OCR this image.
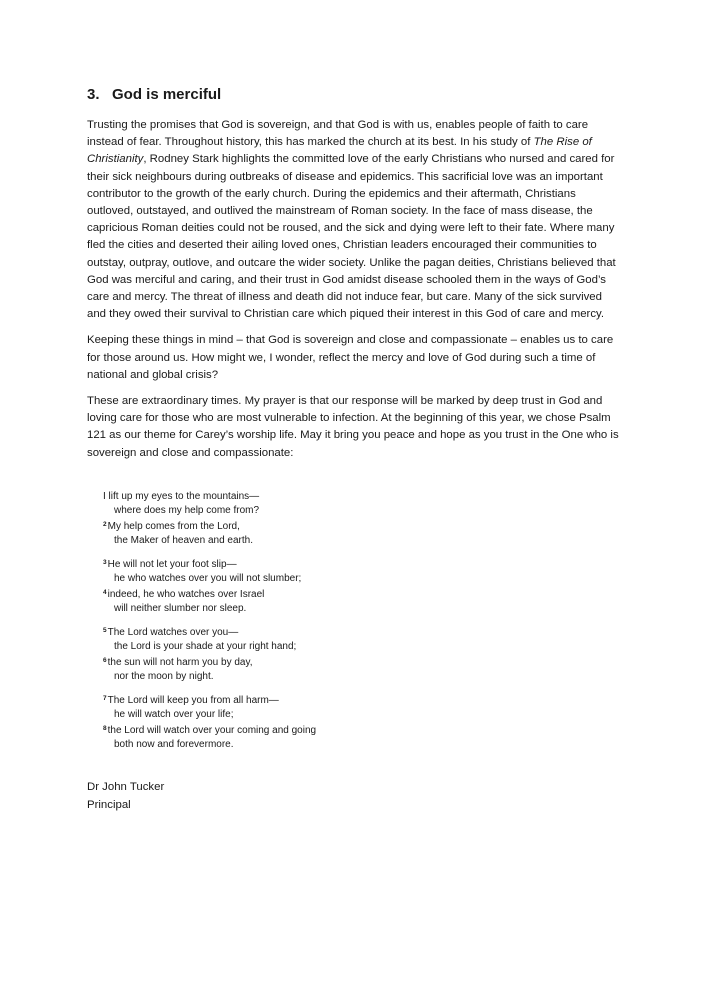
3. God is merciful

Trusting the promises that God is sovereign, and that God is with us, enables people of faith to care instead of fear. Throughout history, this has marked the church at its best. In his study of The Rise of Christianity, Rodney Stark highlights the committed love of the early Christians who nursed and cared for their sick neighbours during outbreaks of disease and epidemics. This sacrificial love was an important contributor to the growth of the early church. During the epidemics and their aftermath, Christians outloved, outstayed, and outlived the mainstream of Roman society. In the face of mass disease, the capricious Roman deities could not be roused, and the sick and dying were left to their fate. Where many fled the cities and deserted their ailing loved ones, Christian leaders encouraged their communities to outstay, outpray, outlove, and outcare the wider society. Unlike the pagan deities, Christians believed that God was merciful and caring, and their trust in God amidst disease schooled them in the ways of God’s care and mercy. The threat of illness and death did not induce fear, but care. Many of the sick survived and they owed their survival to Christian care which piqued their interest in this God of care and mercy.

Keeping these things in mind – that God is sovereign and close and compassionate – enables us to care for those around us. How might we, I wonder, reflect the mercy and love of God during such a time of national and global crisis?

These are extraordinary times. My prayer is that our response will be marked by deep trust in God and loving care for those who are most vulnerable to infection. At the beginning of this year, we chose Psalm 121 as our theme for Carey’s worship life. May it bring you peace and hope as you trust in the One who is sovereign and close and compassionate:

I lift up my eyes to the mountains—
where does my help come from?
$^2$My help comes from the Lord,
the Maker of heaven and earth.
$^3$He will not let your foot slip—
he who watches over you will not slumber;
$^4$indeed, he who watches over Israel
will neither slumber nor sleep.
$^5$The Lord watches over you—
the Lord is your shade at your right hand;
$^6$the sun will not harm you by day,
nor the moon by night.
$^7$The Lord will keep you from all harm—
he will watch over your life;
$^8$the Lord will watch over your coming and going
both now and forevermore.
Dr John Tucker
Principal
